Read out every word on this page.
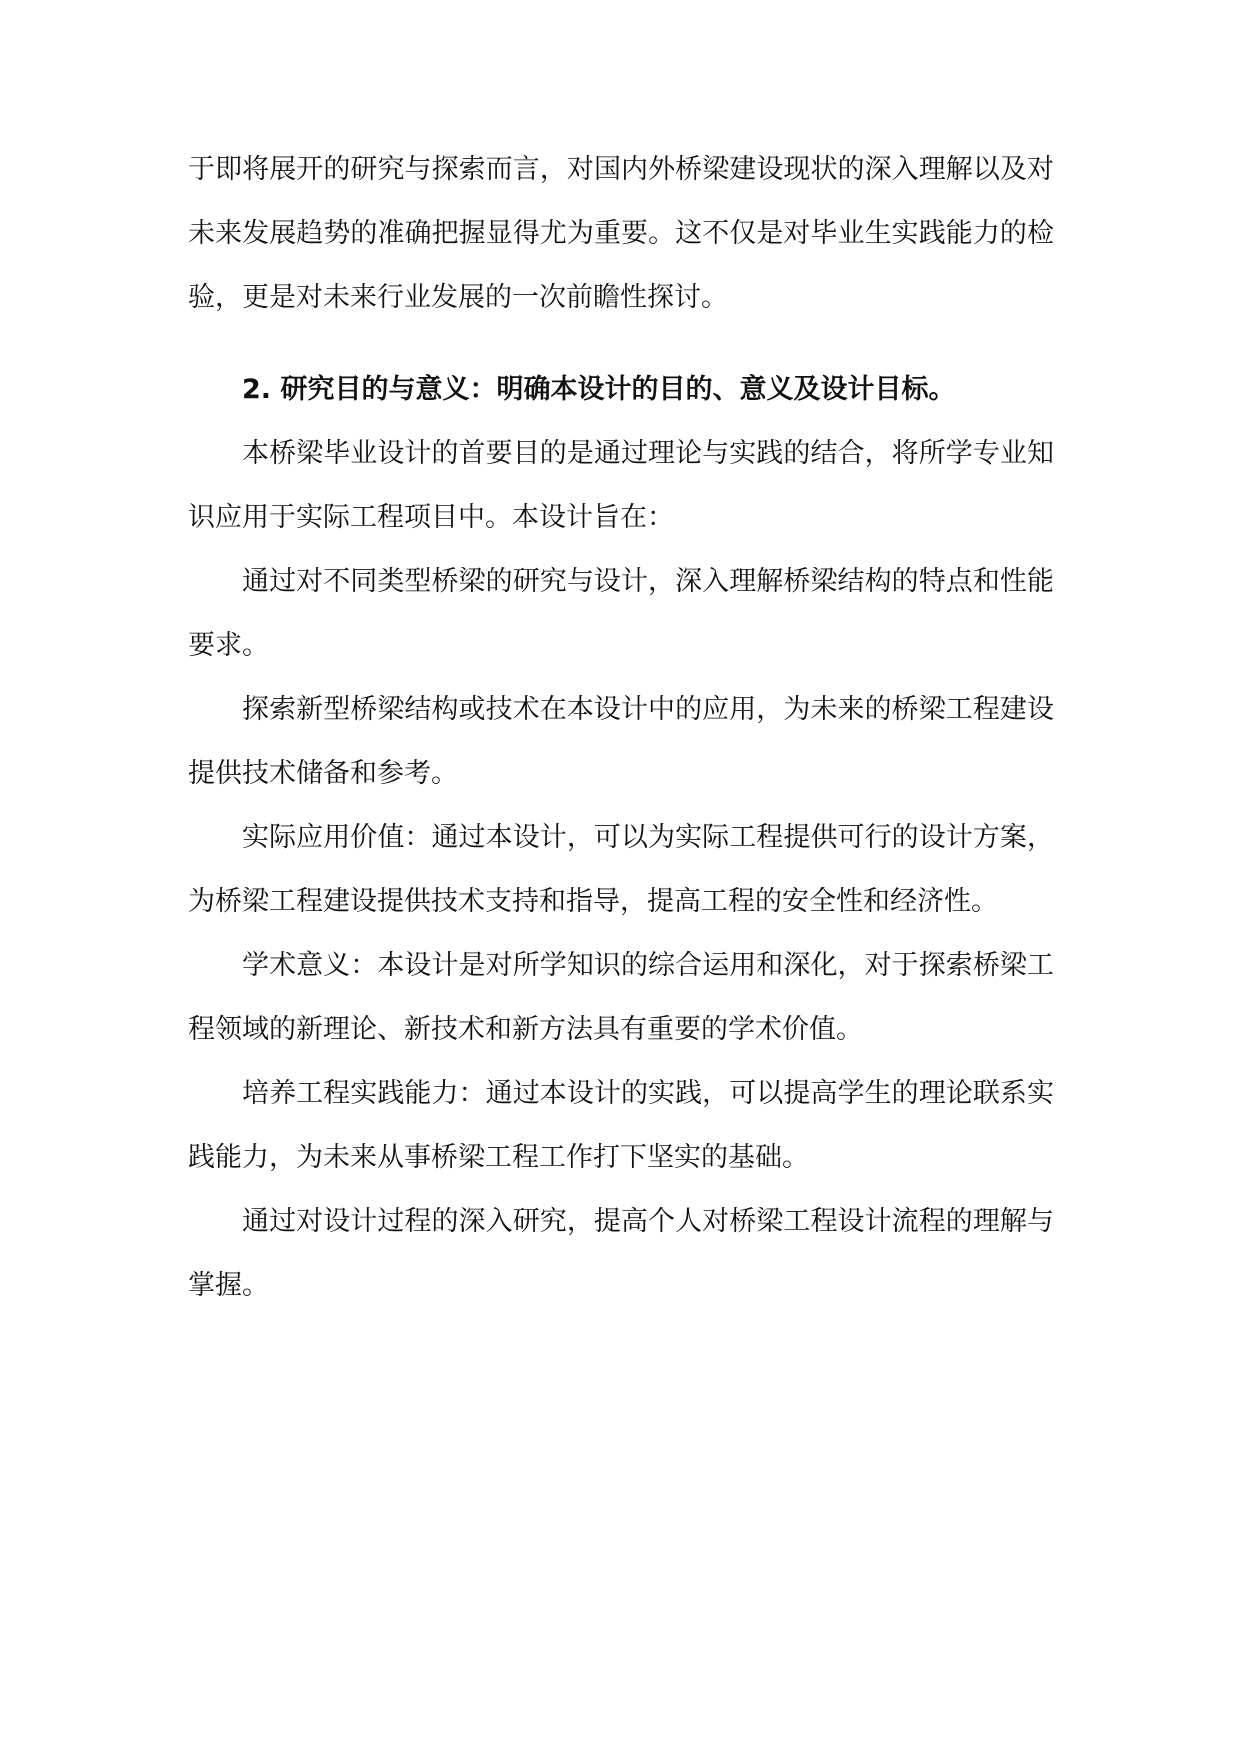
于即将展开的研究与探索而言，对国内外桥梁建设现状的深入理解以及对未来发展趋势的准确把握显得尤为重要。这不仅是对毕业生实践能力的检验，更是对未来行业发展的一次前瞻性探讨。

2. 研究目的与意义：明确本设计的目的、意义及设计目标。

本桥梁毕业设计的首要目的是通过理论与实践的结合，将所学专业知识应用于实际工程项目中。本设计旨在：

通过对不同类型桥梁的研究与设计，深入理解桥梁结构的特点和性能要求。

探索新型桥梁结构或技术在本设计中的应用，为未来的桥梁工程建设提供技术储备和参考。

实际应用价值：通过本设计，可以为实际工程提供可行的设计方案，为桥梁工程建设提供技术支持和指导，提高工程的安全性和经济性。

学术意义：本设计是对所学知识的综合运用和深化，对于探索桥梁工程领域的新理论、新技术和新方法具有重要的学术价值。

培养工程实践能力：通过本设计的实践，可以提高学生的理论联系实践能力，为未来从事桥梁工程工作打下坚实的基础。

通过对设计过程的深入研究，提高个人对桥梁工程设计流程的理解与掌握。
